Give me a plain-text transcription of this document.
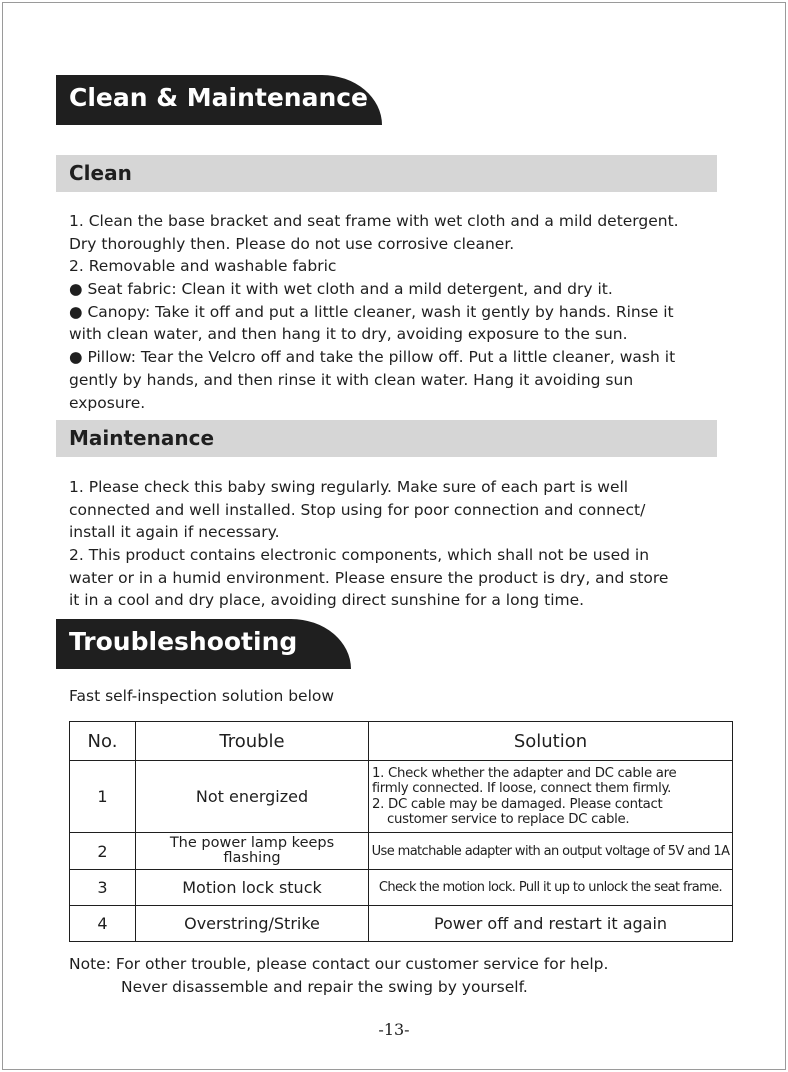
Clean & Maintenance
Clean
1. Clean the base bracket and seat frame with wet cloth and a mild detergent.
Dry thoroughly then. Please do not use corrosive cleaner.
2. Removable and washable fabric
● Seat fabric: Clean it with wet cloth and a mild detergent, and dry it.
● Canopy: Take it off and put a little cleaner, wash it gently by hands. Rinse it
with clean water, and then hang it to dry, avoiding exposure to the sun.
● Pillow: Tear the Velcro off and take the pillow off. Put a little cleaner, wash it
gently by hands, and then rinse it with clean water. Hang it avoiding sun
exposure.
Maintenance
1. Please check this baby swing regularly. Make sure of each part is well
connected and well installed. Stop using for poor connection and connect/
install it again if necessary.
2. This product contains electronic components, which shall not be used in
water or in a humid environment. Please ensure the product is dry, and store
it in a cool and dry place, avoiding direct sunshine for a long time.
Troubleshooting
Fast self-inspection solution below
No.	Trouble	Solution
1	Not energized	1. Check whether the adapter and DC cable are
firmly connected. If loose, connect them firmly.
2. DC cable may be damaged. Please contact
customer service to replace DC cable.

2	The power lamp keeps
flashing	Use matchable adapter with an output voltage of 5V and 1A
3	Motion lock stuck	Check the motion lock. Pull it up to unlock the seat frame.
4	Overstring/Strike	Power off and restart it again
Note: For other trouble, please contact our customer service for help.
Never disassemble and repair the swing by yourself.
-13-
